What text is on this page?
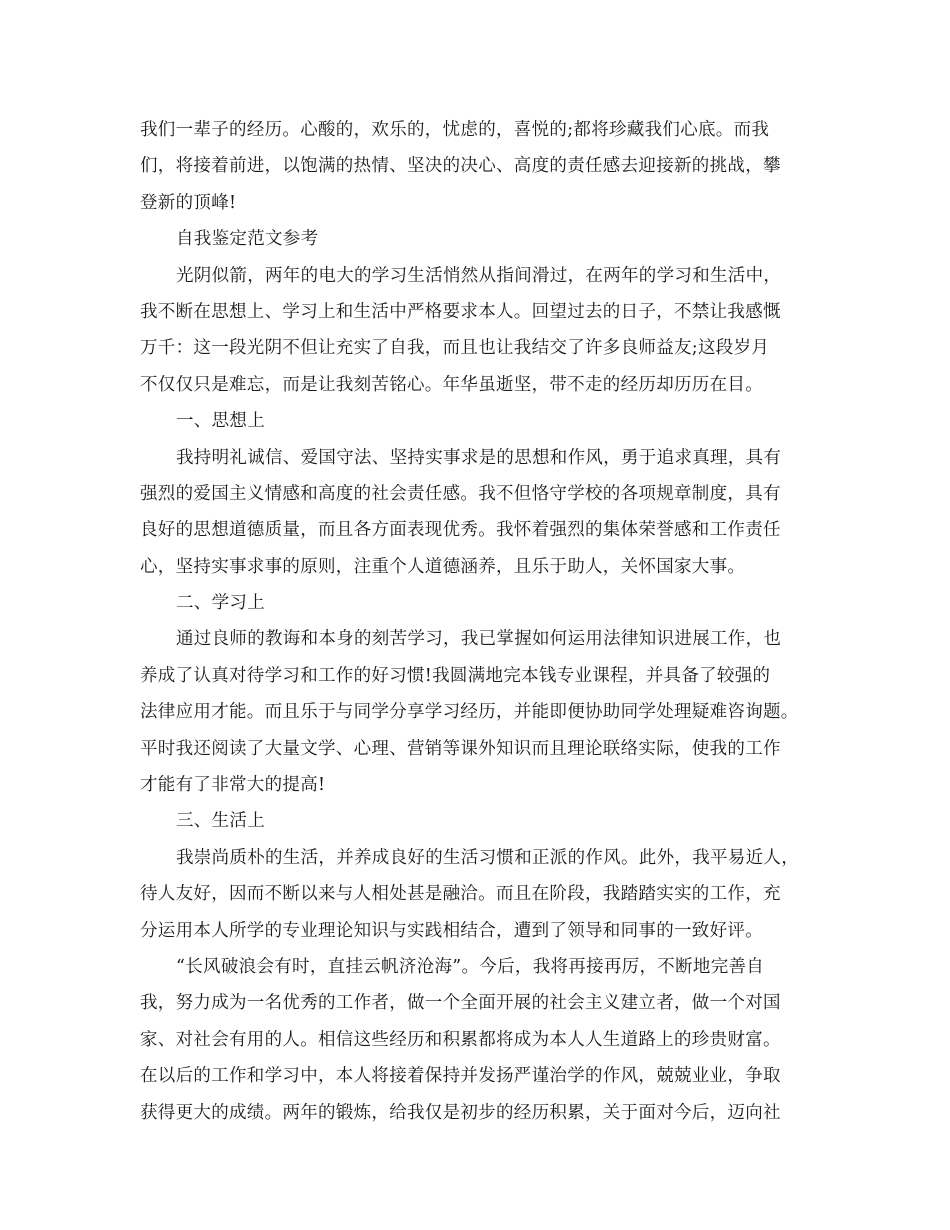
我们一辈子的经历。心酸的，欢乐的，忧虑的，喜悦的;都将珍藏我们心底。而我
们，将接着前进，以饱满的热情、坚决的决心、高度的责任感去迎接新的挑战，攀
登新的顶峰!
自我鉴定范文参考
光阴似箭，两年的电大的学习生活悄然从指间滑过，在两年的学习和生活中，
我不断在思想上、学习上和生活中严格要求本人。回望过去的日子，不禁让我感慨
万千：这一段光阴不但让充实了自我，而且也让我结交了许多良师益友;这段岁月
不仅仅只是难忘，而是让我刻苦铭心。年华虽逝坚，带不走的经历却历历在目。
一、思想上
我持明礼诚信、爱国守法、坚持实事求是的思想和作风，勇于追求真理，具有
强烈的爱国主义情感和高度的社会责任感。我不但恪守学校的各项规章制度，具有
良好的思想道德质量，而且各方面表现优秀。我怀着强烈的集体荣誉感和工作责任
心，坚持实事求事的原则，注重个人道德涵养，且乐于助人，关怀国家大事。
二、学习上
通过良师的教诲和本身的刻苦学习，我已掌握如何运用法律知识进展工作，也
养成了认真对待学习和工作的好习惯!我圆满地完本钱专业课程，并具备了较强的
法律应用才能。而且乐于与同学分享学习经历，并能即便协助同学处理疑难咨询题。
平时我还阅读了大量文学、心理、营销等课外知识而且理论联络实际，使我的工作
才能有了非常大的提高!
三、生活上
我崇尚质朴的生活，并养成良好的生活习惯和正派的作风。此外，我平易近人，
待人友好，因而不断以来与人相处甚是融洽。而且在阶段，我踏踏实实的工作，充
分运用本人所学的专业理论知识与实践相结合，遭到了领导和同事的一致好评。
“长风破浪会有时，直挂云帆济沧海”。今后，我将再接再厉，不断地完善自
我，努力成为一名优秀的工作者，做一个全面开展的社会主义建立者，做一个对国
家、对社会有用的人。相信这些经历和积累都将成为本人人生道路上的珍贵财富。
在以后的工作和学习中，本人将接着保持并发扬严谨治学的作风，兢兢业业，争取
获得更大的成绩。两年的锻炼，给我仅是初步的经历积累，关于面对今后，迈向社
